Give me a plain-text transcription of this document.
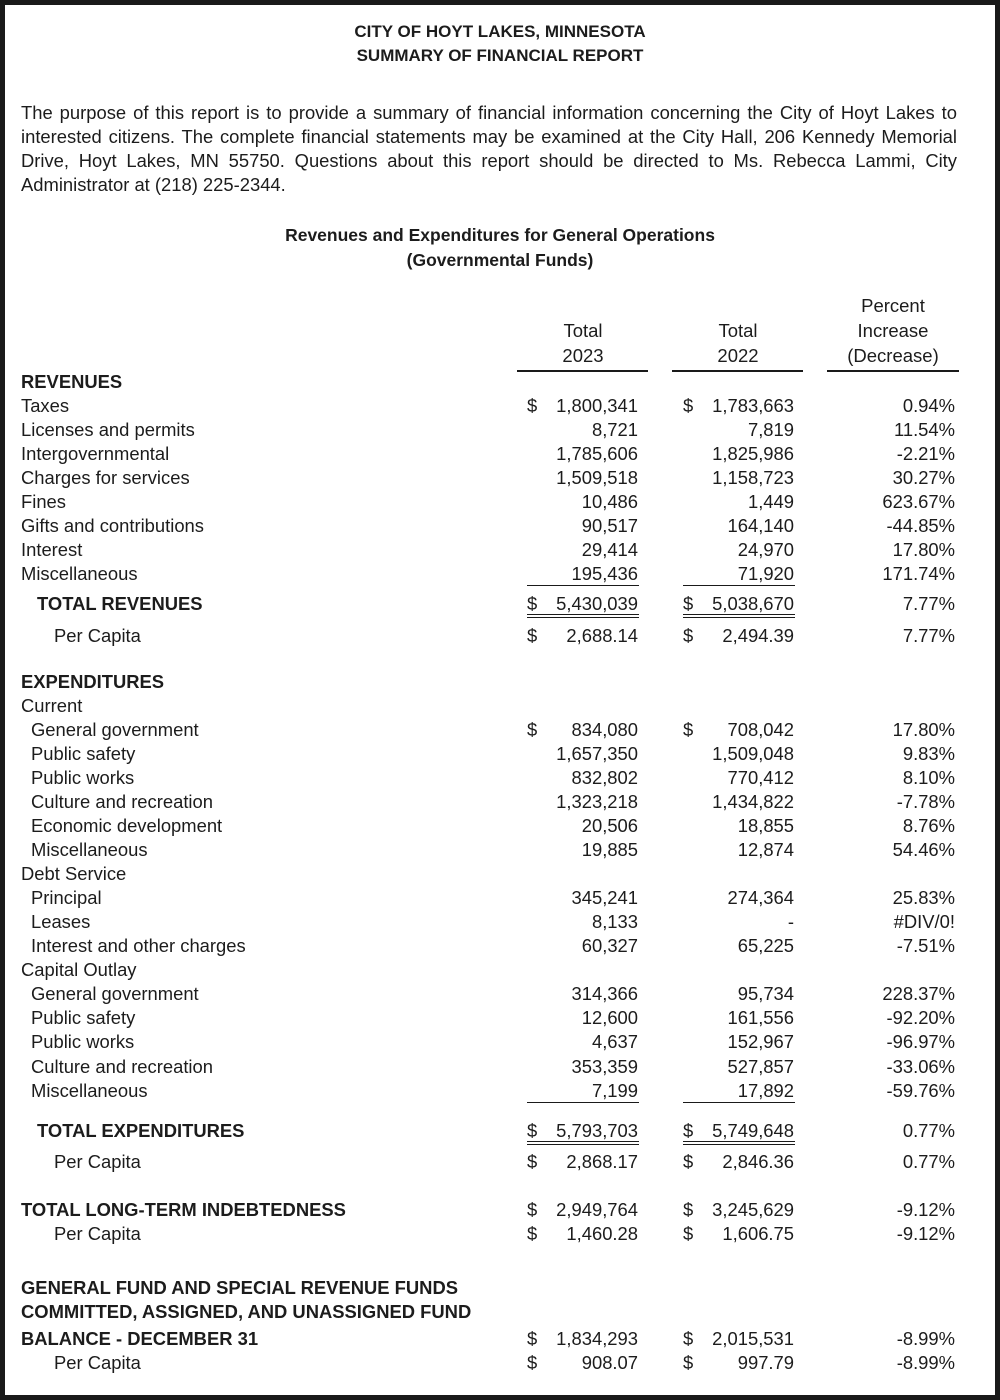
CITY OF HOYT LAKES, MINNESOTA
SUMMARY OF FINANCIAL REPORT
The purpose of this report is to provide a summary of financial information concerning the City of Hoyt Lakes to interested citizens. The complete financial statements may be examined at the City Hall, 206 Kennedy Memorial Drive, Hoyt Lakes, MN 55750. Questions about this report should be directed to Ms. Rebecca Lammi, City Administrator at (218) 225-2344.
Revenues and Expenditures for General Operations
(Governmental Funds)
Total
2023
Total
2022
Percent
Increase
(Decrease)
REVENUES
Taxes	$	1,800,341 $	1,783,663	0.94%
Licenses and permits	8,721	7,819	11.54%
Intergovernmental	1,785,606	1,825,986	-2.21%
Charges for services	1,509,518	1,158,723	30.27%
Fines	10,486	1,449	623.67%
Gifts and contributions	90,517	164,140	-44.85%
Interest	29,414	24,970	17.80%
Miscellaneous	195,436	71,920	171.74%
TOTAL REVENUES	$	5,430,039 $	5,038,670	7.77%
Per Capita	$	2,688.14 $	2,494.39	7.77%
EXPENDITURES
Current
General government	$	834,080 $	708,042	17.80%
Public safety	1,657,350	1,509,048	9.83%
Public works	832,802	770,412	8.10%
Culture and recreation	1,323,218	1,434,822	-7.78%
Economic development	20,506	18,855	8.76%
Miscellaneous	19,885	12,874	54.46%
Debt Service
Principal	345,241	274,364	25.83%
Leases	8,133	-	#DIV/0!
Interest and other charges	60,327	65,225	-7.51%
Capital Outlay
General government	314,366	95,734	228.37%
Public safety	12,600	161,556	-92.20%
Public works	4,637	152,967	-96.97%
Culture and recreation	353,359	527,857	-33.06%
Miscellaneous	7,199	17,892	-59.76%
TOTAL EXPENDITURES	$	5,793,703 $	5,749,648	0.77%
Per Capita	$	2,868.17 $	2,846.36	0.77%
TOTAL LONG-TERM INDEBTEDNESS	$	2,949,764 $	3,245,629	-9.12%
Per Capita	$	1,460.28 $	1,606.75	-9.12%
GENERAL FUND AND SPECIAL REVENUE FUNDS
COMMITTED, ASSIGNED, AND UNASSIGNED FUND
BALANCE - DECEMBER 31	$	1,834,293 $	2,015,531	-8.99%
Per Capita	$	908.07 $	997.79	-8.99%
